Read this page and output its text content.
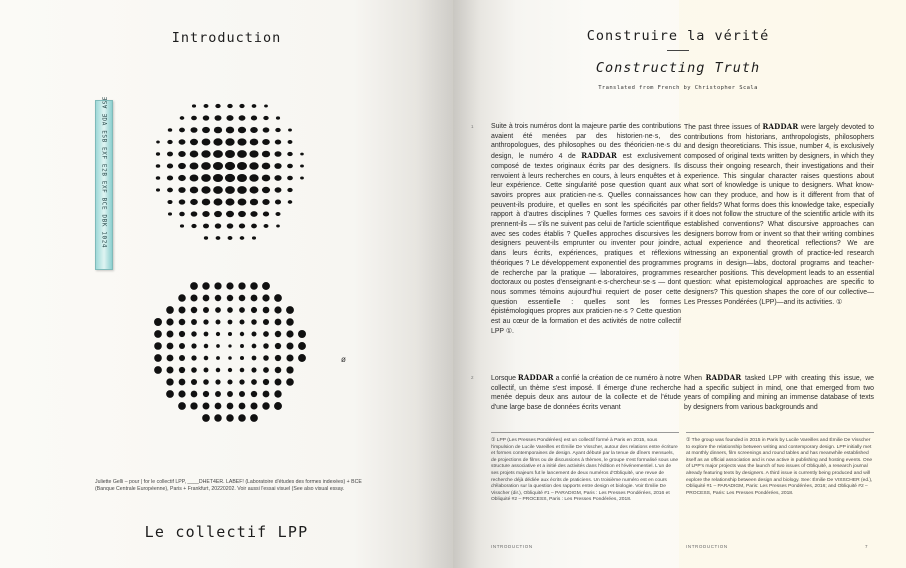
Introduction
ƎSⱯ ƎDA ESB EXF E2B EXF BCE DBK 1024
ø
Juliette Gelli – pour | for le collectif LPP, ____DHET4ER. LABEF! (Laboratoire d'études des formes indexées) + BCE (Banque Centrale Européenne), Paris + Frankfurt, 20220202. Voir aussi l'essai visuel (See also visual essay.
Le collectif LPP
Construire la vérité
Constructing Truth
Translated from French by Christopher Scala
1
2
Suite à trois numéros dont la majeure partie des contributions avaient été menées par des historien·ne·s, des anthropologues, des philosophes ou des théoricien·ne·s du design, le numéro 4 de RADDAR est exclusivement composé de textes originaux écrits par des designers. Ils renvoient à leurs recherches en cours, à leurs enquêtes et à leur expérience. Cette singularité pose question quant aux savoirs propres aux praticien·ne·s. Quelles connaissances peuvent-ils produire, et quelles en sont les spécificités par rapport à d'autres disciplines ? Quelles formes ces savoirs prennent-ils — s'ils ne suivent pas celui de l'article scientifique avec ses codes établis ? Quelles approches discursives les designers peuvent-ils emprunter ou inventer pour joindre, dans leurs écrits, expériences, pratiques et réflexions théoriques ? Le développement exponentiel des programmes de recherche par la pratique — laboratoires, programmes doctoraux ou postes d'enseignant·e·s-chercheur·se·s — dont nous sommes témoins aujourd'hui requiert de poser cette question essentielle : quelles sont les formes épistémologiques propres aux praticien·ne·s ? Cette question est au cœur de la formation et des activités de notre collectif LPP ①.
The past three issues of RADDAR were largely devoted to contributions from historians, anthropologists, philosophers and design theoreticians. This issue, number 4, is exclusively composed of original texts written by designers, in which they discuss their ongoing research, their investigations and their experience. This singular character raises questions about what sort of knowledge is unique to designers. What know-how can they produce, and how is it different from that of other fields? What forms does this knowledge take, especially if it does not follow the structure of the scientific article with its established conventions? What discursive approaches can designers borrow from or invent so that their writing combines actual experience and theoretical reflections? We are witnessing an exponential growth of practice-led research programs in design—labs, doctoral programs and teacher-researcher positions. This development leads to an essential question: what epistemological approaches are specific to designers? This question shapes the core of our collective—Les Presses Pondérées (LPP)—and its activities. ①
Lorsque RADDAR a confié la création de ce numéro à notre collectif, un thème s'est imposé. Il émerge d'une recherche menée depuis deux ans autour de la collecte et de l'étude d'une large base de données écrits venant
When RADDAR tasked LPP with creating this issue, we had a specific subject in mind, one that emerged from two years of compiling and mining an immense database of texts by designers from various backgrounds and
① LPP (Les Presses Pondérées) est un collectif formé à Paris en 2015, sous l'impulsion de Lucile Vareilles et Émilie De Visscher, autour des relations entre écriture et formes contemporaines de design. Ayant débuté par la tenue de dîners mensuels, de projections de films ou de discussions à thèmes, le groupe s'est formalisé sous une structure associative et a initié des activités dans l'édition et l'événementiel. L'un de ses projets majeurs fut le lancement de deux numéros d'Obliquité, une revue de recherche déjà dédiée aux écrits de praticiens. Un troisième numéro est en cours d'élaboration sur la question des rapports entre design et biologie. Voir Émilie De Visscher (dir.), Obliquité #1 – PARADIGM, Paris : Les Presses Pondérées, 2016 et Obliquité #2 – PROCESS, Paris : Les Presses Pondérées, 2018.
① The group was founded in 2015 in Paris by Lucile Vareilles and Émilie De Visscher to explore the relationship between writing and contemporary design. LPP initially met at monthly dinners, film screenings and round tables and has meanwhile established itself as an official association and is now active in publishing and hosting events. One of LPP's major projects was the launch of two issues of Obliquité, a research journal already featuring texts by designers. A third issue is currently being produced and will explore the relationship between design and biology. See: Émilie De VISSCHER (ed.), Obliquité #1 – PARADIGM, Paris: Les Presses Pondérées, 2016; and Obliquité #2 – PROCESS, Paris: Les Presses Pondérées, 2018.
INTRODUCTION	INTRODUCTION	7
